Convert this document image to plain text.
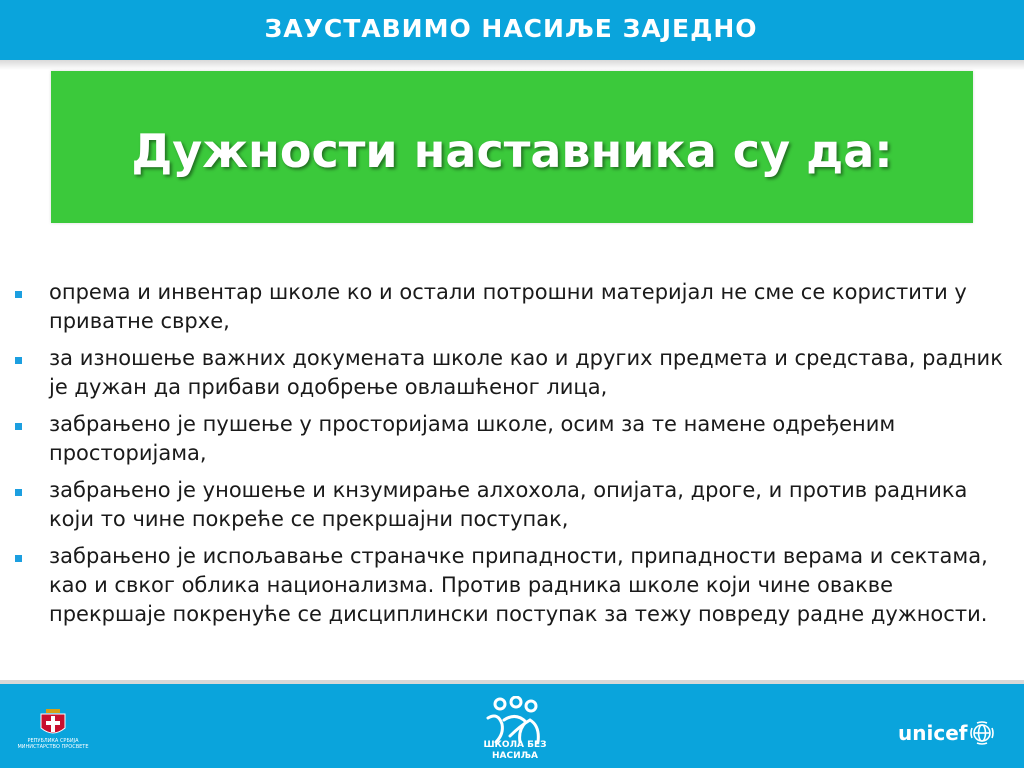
ЗАУСТАВИМО НАСИЉЕ ЗАЈЕДНО
Дужности наставника су да:
опрема и инвентар школе ко и остали потрошни материјал не сме се користити у приватне сврхе,
за изношење важних докумената школе као и других предмета и средстава, радник је дужан да прибави одобрење овлашћеног лица,
забрањено је пушење у просторијама школе, осим за те намене одређеним просторијама,
забрањено је уношење и кнзумирање алхохола, опијата, дроге, и против радника који то чине покреће се прекршајни поступак,
забрањено је испољавање страначке припадности, припадности верама и сектама, као и свког облика национализма. Против радника школе који чине овакве прекршаје покренуће се дисциплински поступак за тежу повреду радне дужности.
РЕПУБЛИКА СРБИЈА МИНИСТАРСТВО ПРОСВЕТЕ	ШКОЛА БЕЗ НАСИЉА
unicef
